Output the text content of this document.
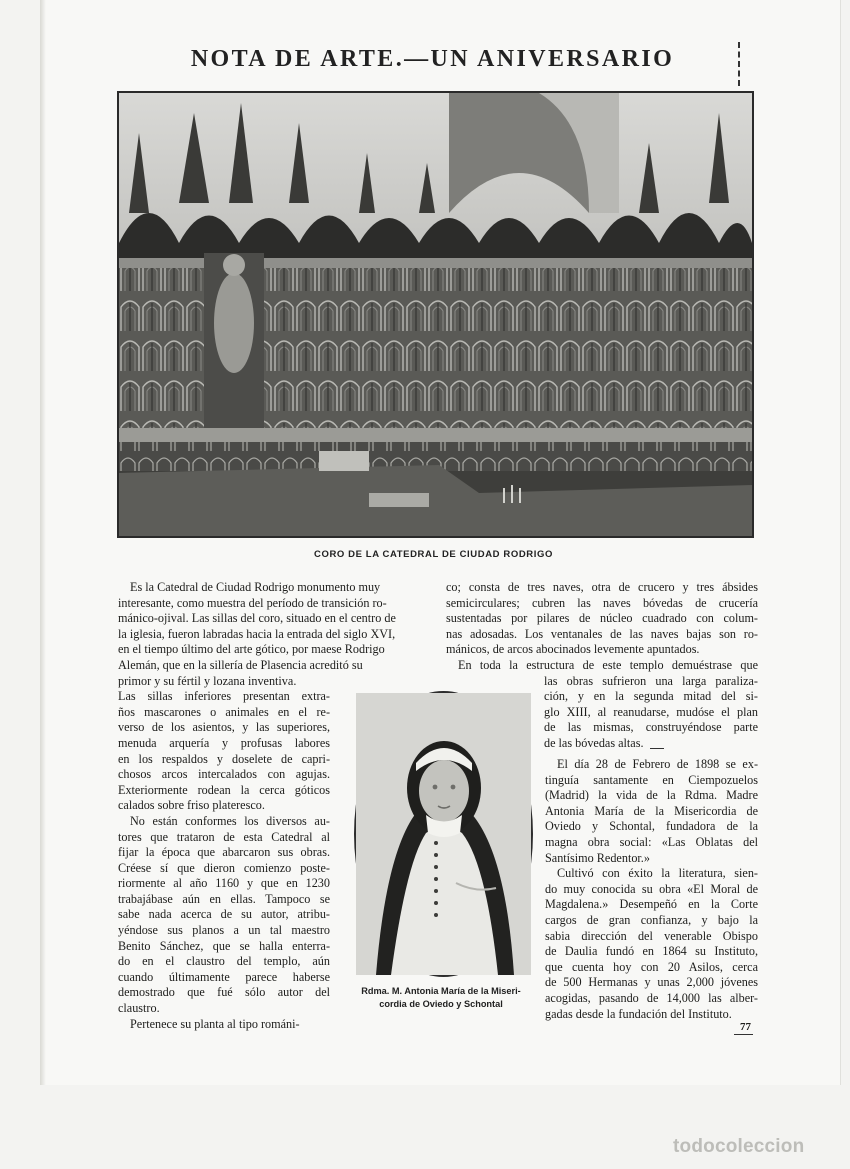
NOTA DE ARTE.—UN ANIVERSARIO
CORO DE LA CATEDRAL DE CIUDAD RODRIGO
Es la Catedral de Ciudad Rodrigo monumento muy
interesante, como muestra del período de transición ro-
mánico-ojival. Las sillas del coro, situado en el centro de
la iglesia, fueron labradas hacia la entrada del siglo XVI,
en el tiempo último del arte gótico, por maese Rodrigo
Alemán, que en la sillería de Plasencia acreditó su
primor y su fértil y lozana inventiva.
Las sillas inferiores presentan extra-
ños mascarones o animales en el re-
verso de los asientos, y las superiores,
menuda arquería y profusas labores
en los respaldos y doselete de capri-
chosos arcos intercalados con agujas.
Exteriormente rodean la cerca góticos
calados sobre friso plateresco.
No están conformes los diversos au-
tores que trataron de esta Catedral al
fijar la época que abarcaron sus obras.
Créese sí que dieron comienzo poste-
riormente al año 1160 y que en 1230
trabajábase aún en ellas. Tampoco se
sabe nada acerca de su autor, atribu-
yéndose sus planos a un tal maestro
Benito Sánchez, que se halla enterra-
do en el claustro del templo, aún
cuando últimamente parece haberse
demostrado que fué sólo autor del
claustro.
Pertenece su planta al tipo románi-
co; consta de tres naves, otra de crucero y tres ábsides
semicirculares; cubren las naves bóvedas de crucería
sustentadas por pilares de núcleo cuadrado con colum-
nas adosadas. Los ventanales de las naves bajas son ro-
mánicos, de arcos abocinados levemente apuntados.
En toda la estructura de este templo demuéstrase que
las obras sufrieron una larga paraliza-
ción, y en la segunda mitad del si-
glo XIII, al reanudarse, mudóse el plan
de las mismas, construyéndose parte
de las bóvedas altas.
El día 28 de Febrero de 1898 se ex-
tinguía santamente en Ciempozuelos
(Madrid) la vida de la Rdma. Madre
Antonia María de la Misericordia de
Oviedo y Schontal, fundadora de la
magna obra social: «Las Oblatas del
Santísimo Redentor.»
Cultivó con éxito la literatura, sien-
do muy conocida su obra «El Moral de
Magdalena.» Desempeñó en la Corte
cargos de gran confianza, y bajo la
sabia dirección del venerable Obispo
de Daulia fundó en 1864 su Instituto,
que cuenta hoy con 20 Asilos, cerca
de 500 Hermanas y unas 2,000 jóvenes
acogidas, pasando de 14,000 las alber-
gadas desde la fundación del Instituto.
Rdma. M. Antonia María de la Miseri-
cordia de Oviedo y Schontal
77
todocoleccion
